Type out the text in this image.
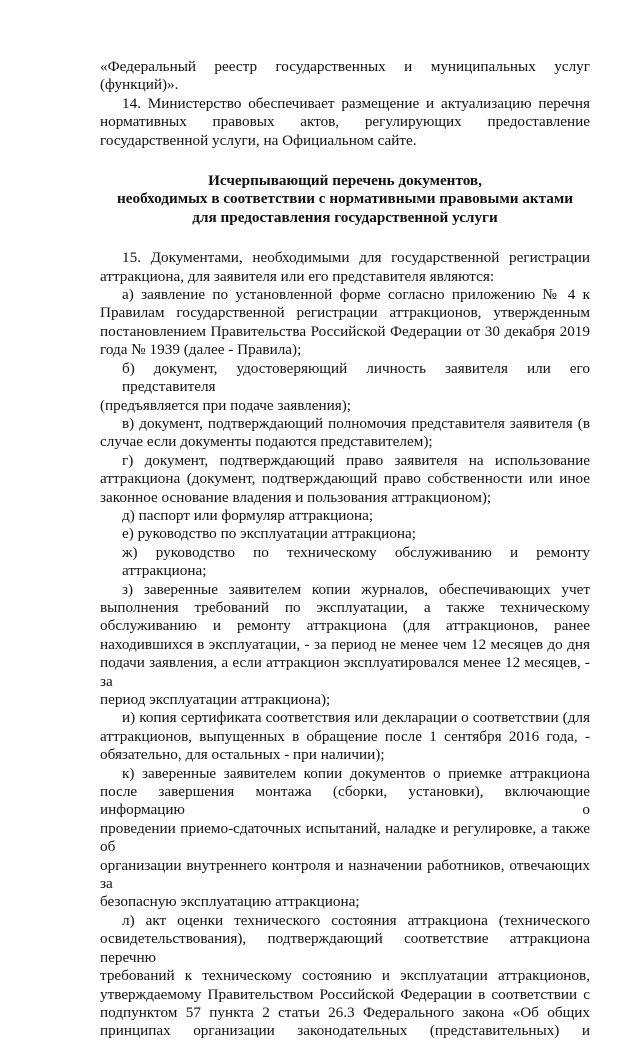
«Федеральный реестр государственных и муниципальных услуг (функций)».
14. Министерство обеспечивает размещение и актуализацию перечня
нормативных правовых актов, регулирующих предоставление
государственной услуги, на Официальном сайте.
Исчерпывающий перечень документов,
необходимых в соответствии с нормативными правовыми актами
для предоставления государственной услуги
15. Документами, необходимыми для государственной регистрации
аттракциона, для заявителя или его представителя являются:
а) заявление по установленной форме согласно приложению № 4 к
Правилам государственной регистрации аттракционов, утвержденным
постановлением Правительства Российской Федерации от 30 декабря 2019
года № 1939 (далее - Правила);
б) документ, удостоверяющий личность заявителя или его представителя
(предъявляется при подаче заявления);
в) документ, подтверждающий полномочия представителя заявителя (в
случае если документы подаются представителем);
г) документ, подтверждающий право заявителя на использование
аттракциона (документ, подтверждающий право собственности или иное
законное основание владения и пользования аттракционом);
д) паспорт или формуляр аттракциона;
е) руководство по эксплуатации аттракциона;
ж) руководство по техническому обслуживанию и ремонту аттракциона;
з) заверенные заявителем копии журналов, обеспечивающих учет
выполнения требований по эксплуатации, а также техническому
обслуживанию и ремонту аттракциона (для аттракционов, ранее
находившихся в эксплуатации, - за период не менее чем 12 месяцев до дня
подачи заявления, а если аттракцион эксплуатировался менее 12 месяцев, - за
период эксплуатации аттракциона);
и) копия сертификата соответствия или декларации о соответствии (для
аттракционов, выпущенных в обращение после 1 сентября 2016 года, -
обязательно, для остальных - при наличии);
к) заверенные заявителем копии документов о приемке аттракциона
после завершения монтажа (сборки, установки), включающие информацию о
проведении приемо-сдаточных испытаний, наладке и регулировке, а также об
организации внутреннего контроля и назначении работников, отвечающих за
безопасную эксплуатацию аттракциона;
л) акт оценки технического состояния аттракциона (технического
освидетельствования), подтверждающий соответствие аттракциона перечню
требований к техническому состоянию и эксплуатации аттракционов,
утверждаемому Правительством Российской Федерации в соответствии с
подпунктом 57 пункта 2 статьи 26.3 Федерального закона «Об общих
принципах организации законодательных (представительных) и
